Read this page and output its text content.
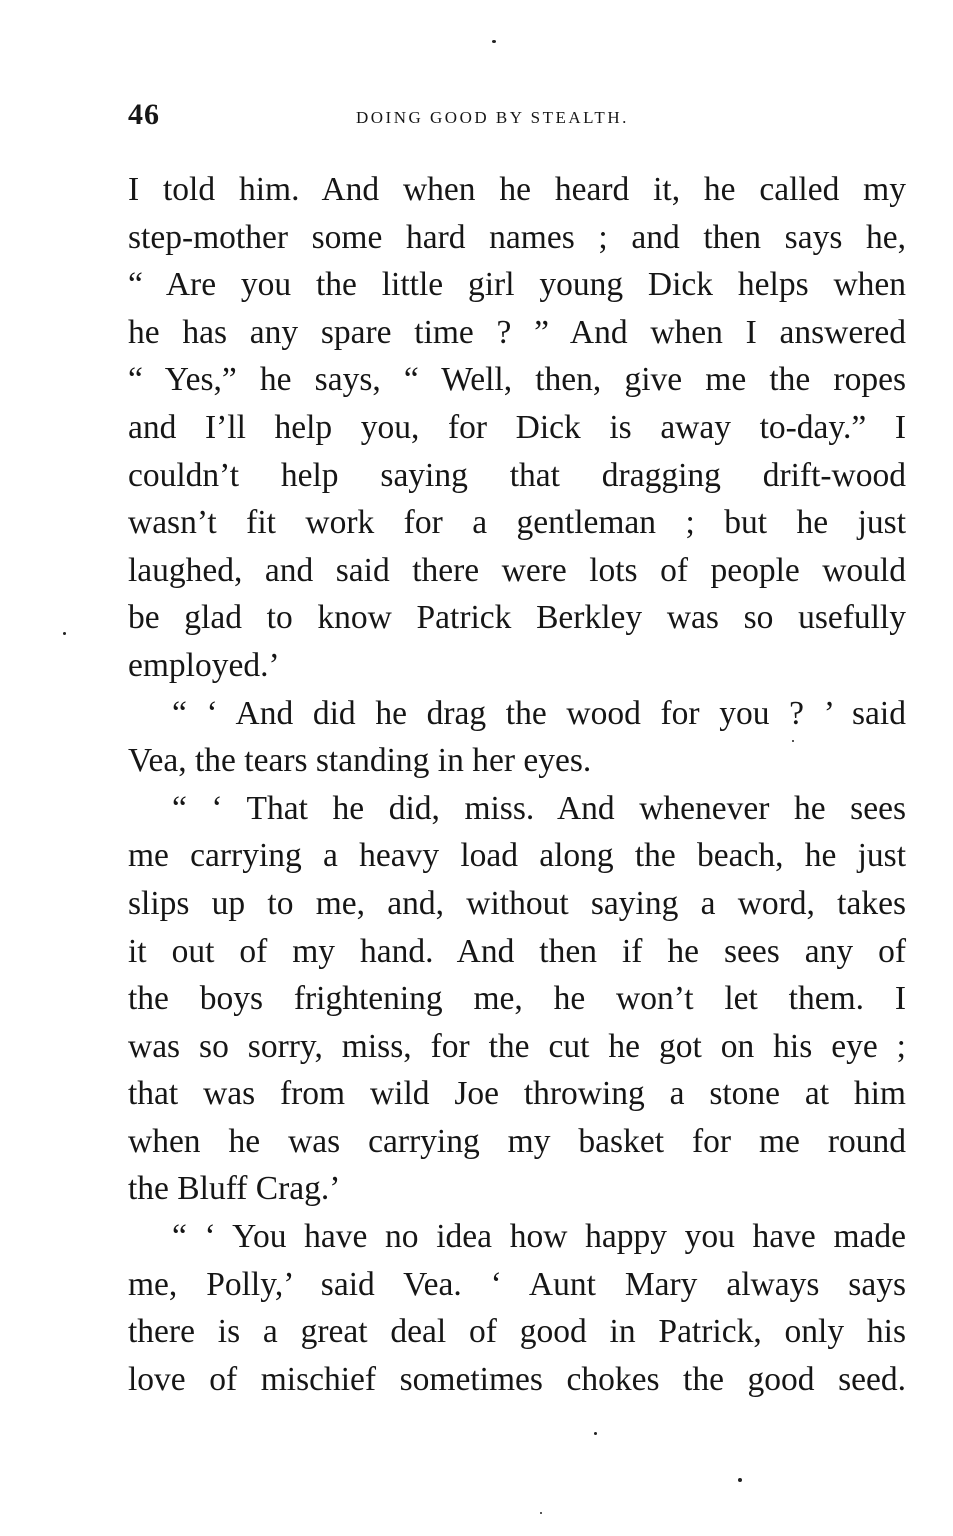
46	DOING GOOD BY STEALTH.
I told him. And when he heard it, he called my
step-mother some hard names ; and then says he,
“ Are you the little girl young Dick helps when
he has any spare time ? ” And when I answered
“ Yes,” he says, “ Well, then, give me the ropes
and I’ll help you, for Dick is away to-day.” I
couldn’t help saying that dragging drift-wood
wasn’t fit work for a gentleman ; but he just
laughed, and said there were lots of people would
be glad to know Patrick Berkley was so usefully
employed.’
“ ‘ And did he drag the wood for you ? ’ said
Vea, the tears standing in her eyes.
“ ‘ That he did, miss. And whenever he sees
me carrying a heavy load along the beach, he just
slips up to me, and, without saying a word, takes
it out of my hand. And then if he sees any of
the boys frightening me, he won’t let them. I
was so sorry, miss, for the cut he got on his eye ;
that was from wild Joe throwing a stone at him
when he was carrying my basket for me round
the Bluff Crag.’
“ ‘ You have no idea how happy you have made
me, Polly,’ said Vea. ‘ Aunt Mary always says
there is a great deal of good in Patrick, only his
love of mischief sometimes chokes the good seed.
